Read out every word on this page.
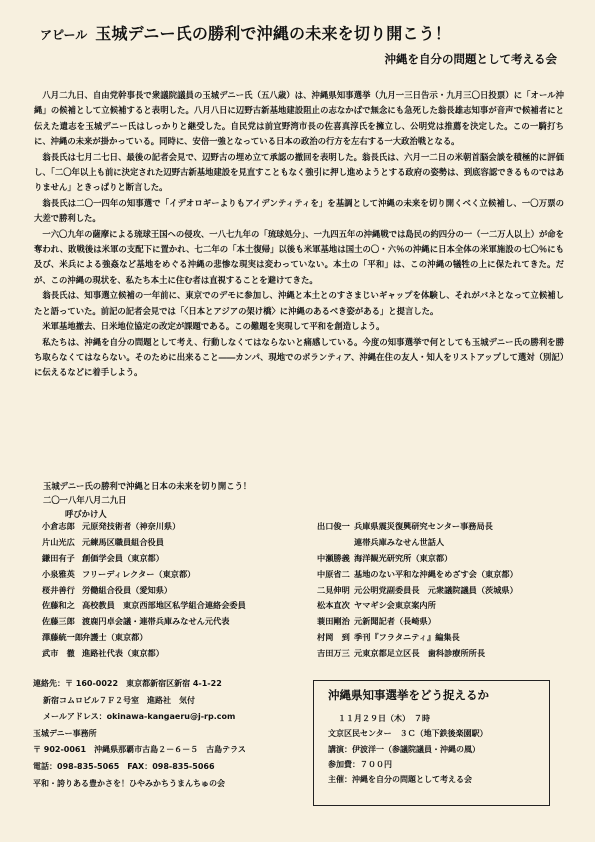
アピール 玉城デニー氏の勝利で沖縄の未来を切り開こう！
沖縄を自分の問題として考える会

八月二九日、自由党幹事長で衆議院議員の玉城デニー氏（五八歳）は、沖縄県知事選挙（九月一三日告示・九月三〇日投票）に「オール沖縄」の候補として立候補すると表明した。八月八日に辺野古新基地建設阻止の志なかばで無念にも急死した翁長雄志知事が音声で候補者にと伝えた遺志を玉城デニー氏はしっかりと継受した。自民党は前宜野湾市長の佐喜真淳氏を擁立し、公明党は推薦を決定した。この一騎打ちに、沖縄の未来が掛かっている。同時に、安倍一強となっている日本の政治の行方を左右する一大政治戦となる。

翁長氏は七月二七日、最後の記者会見で、辺野古の埋め立て承認の撤回を表明した。翁長氏は、六月一二日の米朝首脳会談を積極的に評価し、「二〇年以上も前に決定された辺野古新基地建設を見直すこともなく強引に押し進めようとする政府の姿勢は、到底容認できるものではありません」ときっぱりと断言した。

翁長氏は二〇一四年の知事選で「イデオロギーよりもアイデンティティを」を基調として沖縄の未来を切り開くべく立候補し、一〇万票の大差で勝利した。

一六〇九年の薩摩による琉球王国への侵攻、一八七九年の「琉球処分」、一九四五年の沖縄戦では島民の約四分の一（一二万人以上）が命を奪われ、敗戦後は米軍の支配下に置かれ、七二年の「本土復帰」以後も米軍基地は国土の〇・六％の沖縄に日本全体の米軍施設の七〇％にも及び、米兵による強姦など基地をめぐる沖縄の悲惨な現実は変わっていない。本土の「平和」は、この沖縄の犠牲の上に保たれてきた。だが、この沖縄の現状を、私たち本土に住む者は直視することを避けてきた。

翁長氏は、知事選立候補の一年前に、東京でのデモに参加し、沖縄と本土とのすさまじいギャップを体験し、それがバネとなって立候補したと語っていた。前記の記者会見では「〈日本とアジアの架け橋〉に沖縄のあるべき姿がある」と提言した。

米軍基地撤去、日米地位協定の改定が課題である。この難題を実現して平和を創造しよう。

私たちは、沖縄を自分の問題として考え、行動しなくてはならないと痛感している。今度の知事選挙で何としても玉城デニー氏の勝利を勝ち取らなくてはならない。そのために出来ること――カンパ、現地でのボランティア、沖縄在住の友人・知人をリストアップして選対（別記）に伝えるなどに着手しよう。

玉城デニー氏の勝利で沖縄と日本の未来を切り開こう！
二〇一八年八月二九日
呼びかけ人
小倉志郎 元原発技術者（神奈川県）
片山光広 元練馬区職員組合役員
鎌田有子 創価学会員（東京都）
小泉雅英 フリーディレクター（東京都）
桜井善行 労働組合役員（愛知県）
佐藤和之 高校教員　東京西部地区私学組合連絡会委員
佐藤三郎 渡鹿円卓会議・連帯兵庫みなせん元代表
澤藤統一郎弁護士（東京都）
武市　徹 進路社代表（東京都）
出口俊一 兵庫県震災復興研究センター事務局長
連帯兵庫みなせん世話人
中瀬勝義 海洋観光研究所（東京都）
中原省二 基地のない平和な沖縄をめざす会（東京都）
二見伸明 元公明党副委員長　元衆議院議員（茨城県）
松本直次 ヤマギシ会東京案内所
蓑田剛治 元新聞記者（長崎県）
村岡　到 季刊『フラタニティ』編集長
吉田万三 元東京都足立区長　歯科診療所所長
連絡先：〒 160-0022　東京都新宿区新宿 4-1-22
新宿コムロビル７Ｆ２号室　進路社　気付
メールアドレス：okinawa-kangaeru@j-rp.com
玉城デニー事務所
〒 902-0061　沖縄県那覇市古島２－６－５　古島テラス
電話：098-835-5065　FAX：098-835-5066
平和・誇りある豊かさを！ひやみかちうまんちゅの会
沖縄県知事選挙をどう捉えるか
１１月２９日（木）　７時
文京区民センター　３Ｃ（地下鉄後楽園駅）
講演：伊波洋一（参議院議員・沖縄の風）
参加費：７００円
主催：沖縄を自分の問題として考える会
